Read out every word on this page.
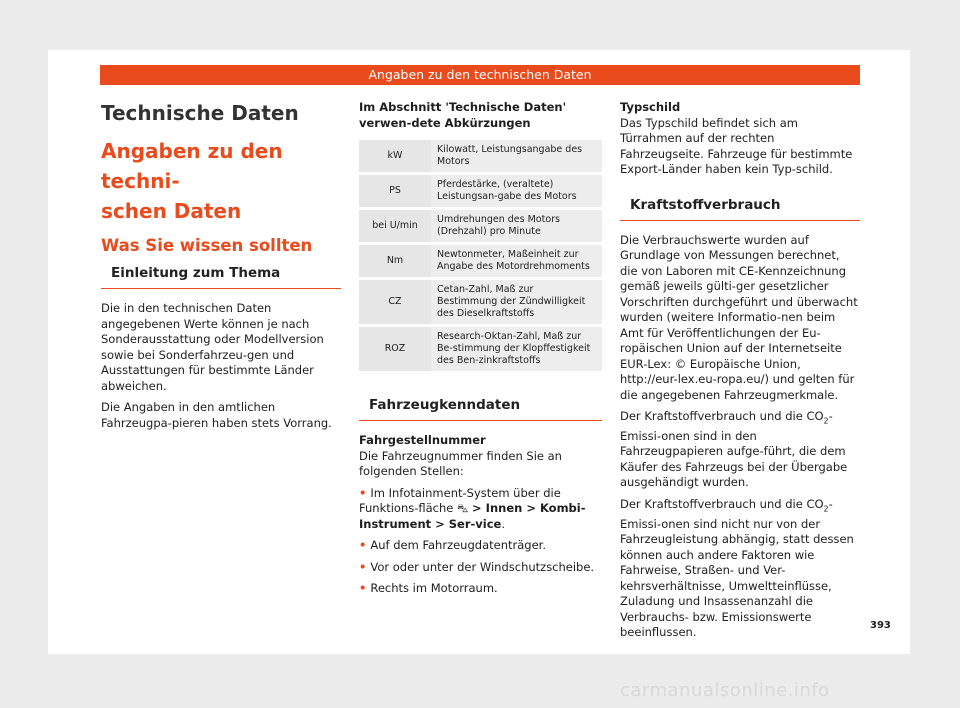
Angaben zu den technischen Daten
Technische Daten
Angaben zu den techni-
schen Daten
Was Sie wissen sollten
Einleitung zum Thema

Die in den technischen Daten angegebenen Werte können je nach Sonderausstattung oder Modellversion sowie bei Sonderfahrzeu-gen und Ausstattungen für bestimmte Länder abweichen.

Die Angaben in den amtlichen Fahrzeugpa-pieren haben stets Vorrang.

Im Abschnitt 'Technische Daten' verwen-dete Abkürzungen

kW	Kilowatt, Leistungsangabe des Motors
PS	Pferdestärke, (veraltete) Leistungsan-gabe des Motors
bei U/min	Umdrehungen des Motors (Drehzahl) pro Minute
Nm	Newtonmeter, Maßeinheit zur Angabe des Motordrehmoments
CZ	Cetan-Zahl, Maß zur Bestimmung der Zündwilligkeit des Dieselkraftstoffs
ROZ	Research-Oktan-Zahl, Maß zur Be-stimmung der Klopffestigkeit des Ben-zinkraftstoffs
Fahrzeugkenndaten

Fahrgestellnummer

Die Fahrzeugnummer finden Sie an folgenden Stellen:

• Im Infotainment-System über die Funktions-fläche ⛍ > Innen > Kombi-Instrument > Ser-vice.
• Auf dem Fahrzeugdatenträger.
• Vor oder unter der Windschutzscheibe.
• Rechts im Motorraum.

Typschild

Das Typschild befindet sich am Türrahmen auf der rechten Fahrzeugseite. Fahrzeuge für bestimmte Export-Länder haben kein Typ-schild.

Kraftstoffverbrauch

Die Verbrauchswerte wurden auf Grundlage von Messungen berechnet, die von Laboren mit CE-Kennzeichnung gemäß jeweils gülti-ger gesetzlicher Vorschriften durchgeführt und überwacht wurden (weitere Informatio-nen beim Amt für Veröffentlichungen der Eu-ropäischen Union auf der Internetseite EUR-Lex: © Europäische Union, http://eur-lex.eu-ropa.eu/) und gelten für die angegebenen Fahrzeugmerkmale.

Der Kraftstoffverbrauch und die $CO_2-Emissi$-onen sind in den Fahrzeugpapieren aufge-führt, die dem Käufer des Fahrzeugs bei der Übergabe ausgehändigt wurden.

Der Kraftstoffverbrauch und die $CO_2-Emissi$-onen sind nicht nur von der Fahrzeugleistung abhängig, statt dessen können auch andere Faktoren wie Fahrweise, Straßen- und Ver-kehrsverhältnisse, Umweltteinflüsse, Zuladung und Insassenanzahl die Verbrauchs- bzw. Emissionswerte beeinflussen.	393
carmanualsonline.info
